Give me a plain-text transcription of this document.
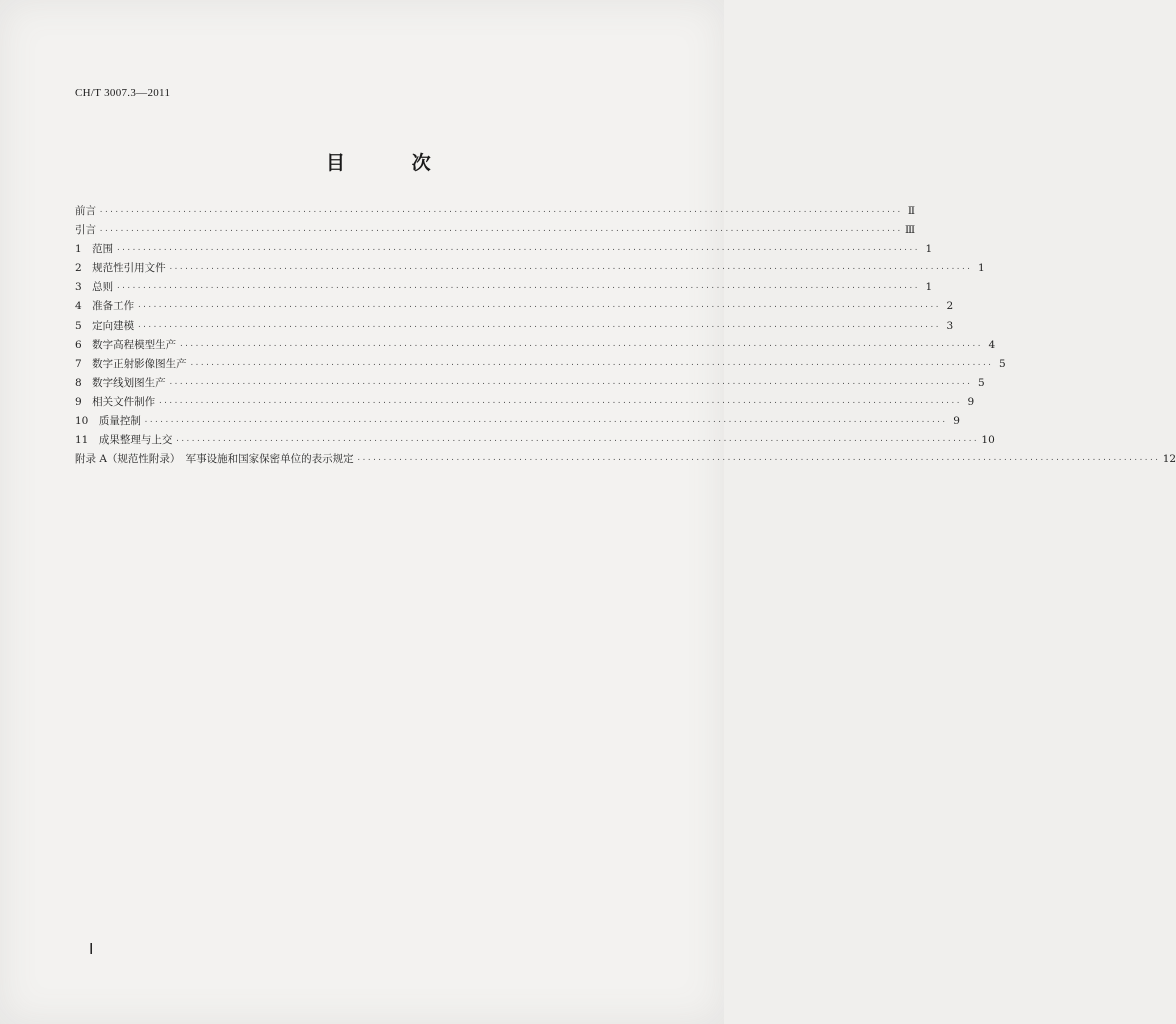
CH/T 3007.3—2011
目 次
前言 ·························································································································································· Ⅱ
引言 ·························································································································································· Ⅲ
1　范围 ·························································································································································· 1
2　规范性引用文件 ·························································································································································· 1
3　总则 ·························································································································································· 1
4　准备工作 ·························································································································································· 2
5　定向建模 ·························································································································································· 3
6　数字高程模型生产 ·························································································································································· 4
7　数字正射影像图生产 ·························································································································································· 5
8　数字线划图生产 ·························································································································································· 5
9　相关文件制作 ·························································································································································· 9
10　质量控制 ·························································································································································· 9
11　成果整理与上交 ·························································································································································· 10
附录 A（规范性附录）　军事设施和国家保密单位的表示规定 ·························································································································································· 12
Ⅰ
